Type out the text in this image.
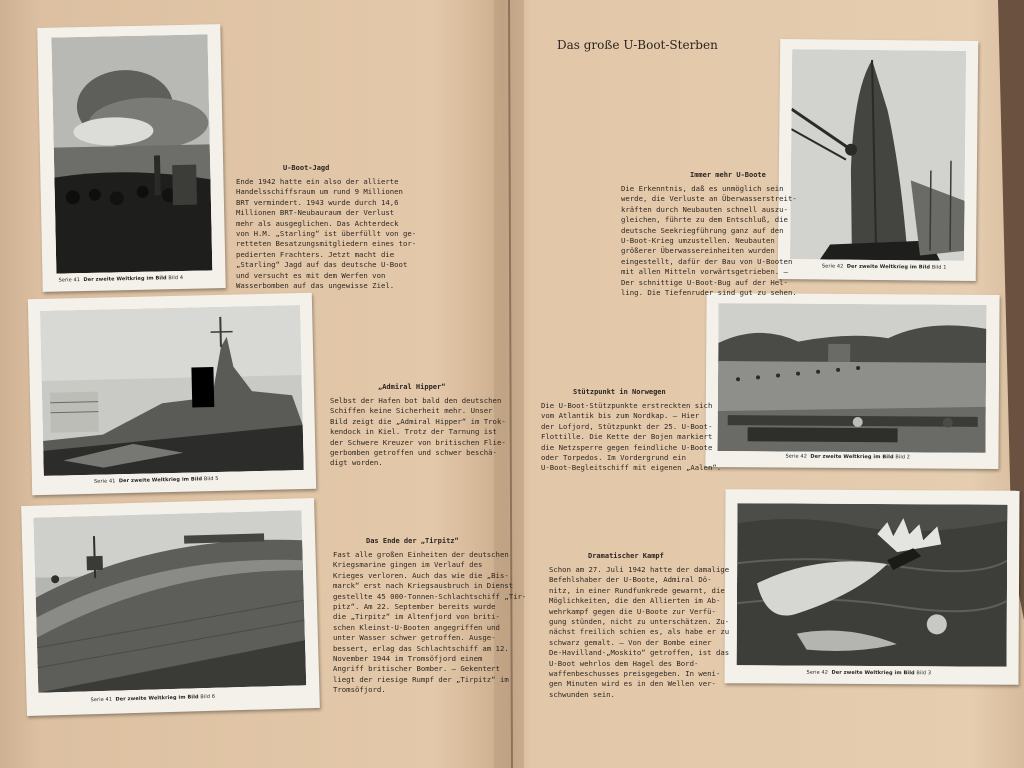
Serie 41 Der zweite Weltkrieg im Bild Bild 4
Serie 41 Der zweite Weltkrieg im Bild Bild 5
Serie 41 Der zweite Weltkrieg im Bild Bild 6
U-Boot-Jagd
Ende 1942 hatte ein also der allierte
Handelsschiffsraum um rund 9 Millionen
BRT vermindert. 1943 wurde durch 14,6
Millionen BRT-Neubauraum der Verlust
mehr als ausgeglichen. Das Achterdeck
von H.M. „Starling“ ist überfüllt von ge-
retteten Besatzungsmitgliedern eines tor-
pedierten Frachters. Jetzt macht die
„Starling“ Jagd auf das deutsche U-Boot
und versucht es mit dem Werfen von
Wasserbomben auf das ungewisse Ziel.
„Admiral Hipper“
Selbst der Hafen bot bald den deutschen
Schiffen keine Sicherheit mehr. Unser
Bild zeigt die „Admiral Hipper“ im Trok-
kendock in Kiel. Trotz der Tarnung ist
der Schwere Kreuzer von britischen Flie-
gerbomben getroffen und schwer beschä-
digt worden.
Das Ende der „Tirpitz“
Fast alle großen Einheiten der deutschen
Kriegsmarine gingen im Verlauf des
Krieges verloren. Auch das wie die „Bis-
marck“ erst nach Kriegsausbruch in Dienst
gestellte 45 000-Tonnen-Schlachtschiff „Tir-
pitz“. Am 22. September bereits wurde
die „Tirpitz“ im Altenfjord von briti-
schen Kleinst-U-Booten angegriffen und
unter Wasser schwer getroffen. Ausge-
bessert, erlag das Schlachtschiff am 12.
November 1944 im Tromsöfjord einem
Angriff britischer Bomber. — Gekentert
liegt der riesige Rumpf der „Tirpitz“ im
Tromsöfjord.
Das große U-Boot-Sterben
Serie 42 Der zweite Weltkrieg im Bild Bild 1
Serie 42 Der zweite Weltkrieg im Bild Bild 2
Serie 42 Der zweite Weltkrieg im Bild Bild 3
Immer mehr U-Boote
Die Erkenntnis, daß es unmöglich sein
werde, die Verluste an Überwasserstreit-
kräften durch Neubauten schnell auszu-
gleichen, führte zu dem Entschluß, die
deutsche Seekriegführung ganz auf den
U-Boot-Krieg umzustellen. Neubauten
größerer Überwassereinheiten wurden
eingestellt, dafür der Bau von U-Booten
mit allen Mitteln vorwärtsgetrieben. —
Der schnittige U-Boot-Bug auf der Hel-
ling. Die Tiefenruder sind gut zu sehen.
Stützpunkt in Norwegen
Die U-Boot-Stützpunkte erstreckten sich
vom Atlantik bis zum Nordkap. — Hier
der Lofjord, Stützpunkt der 25. U-Boot-
Flottille. Die Kette der Bojen markiert
die Netzsperre gegen feindliche U-Boote
oder Torpedos. Im Vordergrund ein
U-Boot-Begleitschiff mit eigenen „Aalen“.
Dramatischer Kampf
Schon am 27. Juli 1942 hatte der damalige
Befehlshaber der U-Boote, Admiral Dö-
nitz, in einer Rundfunkrede gewarnt, die
Möglichkeiten, die den Allierten im Ab-
wehrkampf gegen die U-Boote zur Verfü-
gung stünden, nicht zu unterschätzen. Zu-
nächst freilich schien es, als habe er zu
schwarz gemalt. — Von der Bombe einer
De-Havilland-„Moskito“ getroffen, ist das
U-Boot wehrlos dem Hagel des Bord-
waffenbeschusses preisgegeben. In weni-
gen Minuten wird es in den Wellen ver-
schwunden sein.
